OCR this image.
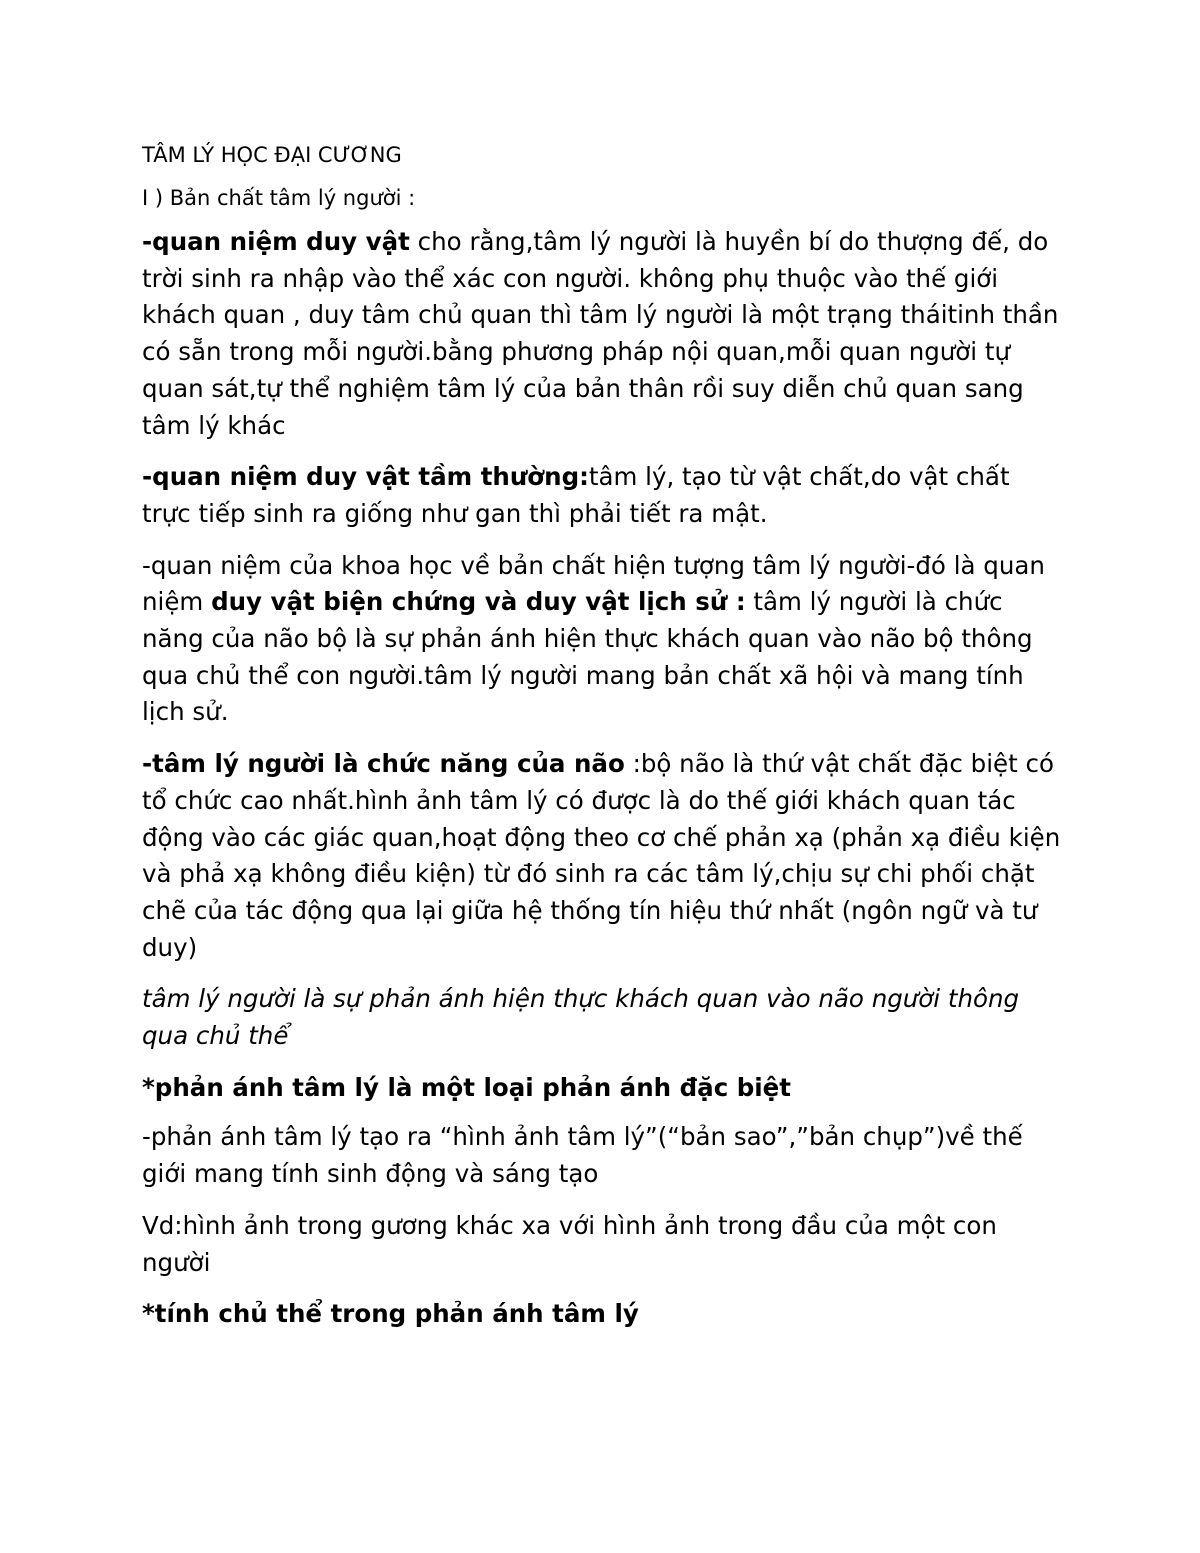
TÂM LÝ HỌC ĐẠI CƯƠNG
I ) Bản chất tâm lý người :

-quan niệm duy vật cho rằng,tâm lý người là huyền bí do thượng đế, do trời sinh ra nhập vào thể xác con người. không phụ thuộc vào thế giới khách quan , duy tâm chủ quan thì tâm lý người là một trạng tháitinh thần có sẵn trong mỗi người.bằng phương pháp nội quan,mỗi quan người tự quan sát,tự thể nghiệm tâm lý của bản thân rồi suy diễn chủ quan sang tâm lý khác

-quan niệm duy vật tầm thường:tâm lý, tạo từ vật chất,do vật chất trực tiếp sinh ra giống như gan thì phải tiết ra mật.

-quan niệm của khoa học về bản chất hiện tượng tâm lý người-đó là quan niệm duy vật biện chứng và duy vật lịch sử : tâm lý người là chức năng của não bộ là sự phản ánh hiện thực khách quan vào não bộ thông qua chủ thể con người.tâm lý người mang bản chất xã hội và mang tính lịch sử.

-tâm lý người là chức năng của não :bộ não là thứ vật chất đặc biệt có tổ chức cao nhất.hình ảnh tâm lý có được là do thế giới khách quan tác động vào các giác quan,hoạt động theo cơ chế phản xạ (phản xạ điều kiện và phả xạ không điều kiện) từ đó sinh ra các tâm lý,chịu sự chi phối chặt chẽ của tác động qua lại giữa hệ thống tín hiệu thứ nhất (ngôn ngữ và tư duy)

tâm lý người là sự phản ánh hiện thực khách quan vào não người thông qua chủ thể

*phản ánh tâm lý là một loại phản ánh đặc biệt

-phản ánh tâm lý tạo ra “hình ảnh tâm lý”(“bản sao”,”bản chụp”)về thế giới mang tính sinh động và sáng tạo

Vd:hình ảnh trong gương khác xa với hình ảnh trong đầu của một con người

*tính chủ thể trong phản ánh tâm lý
